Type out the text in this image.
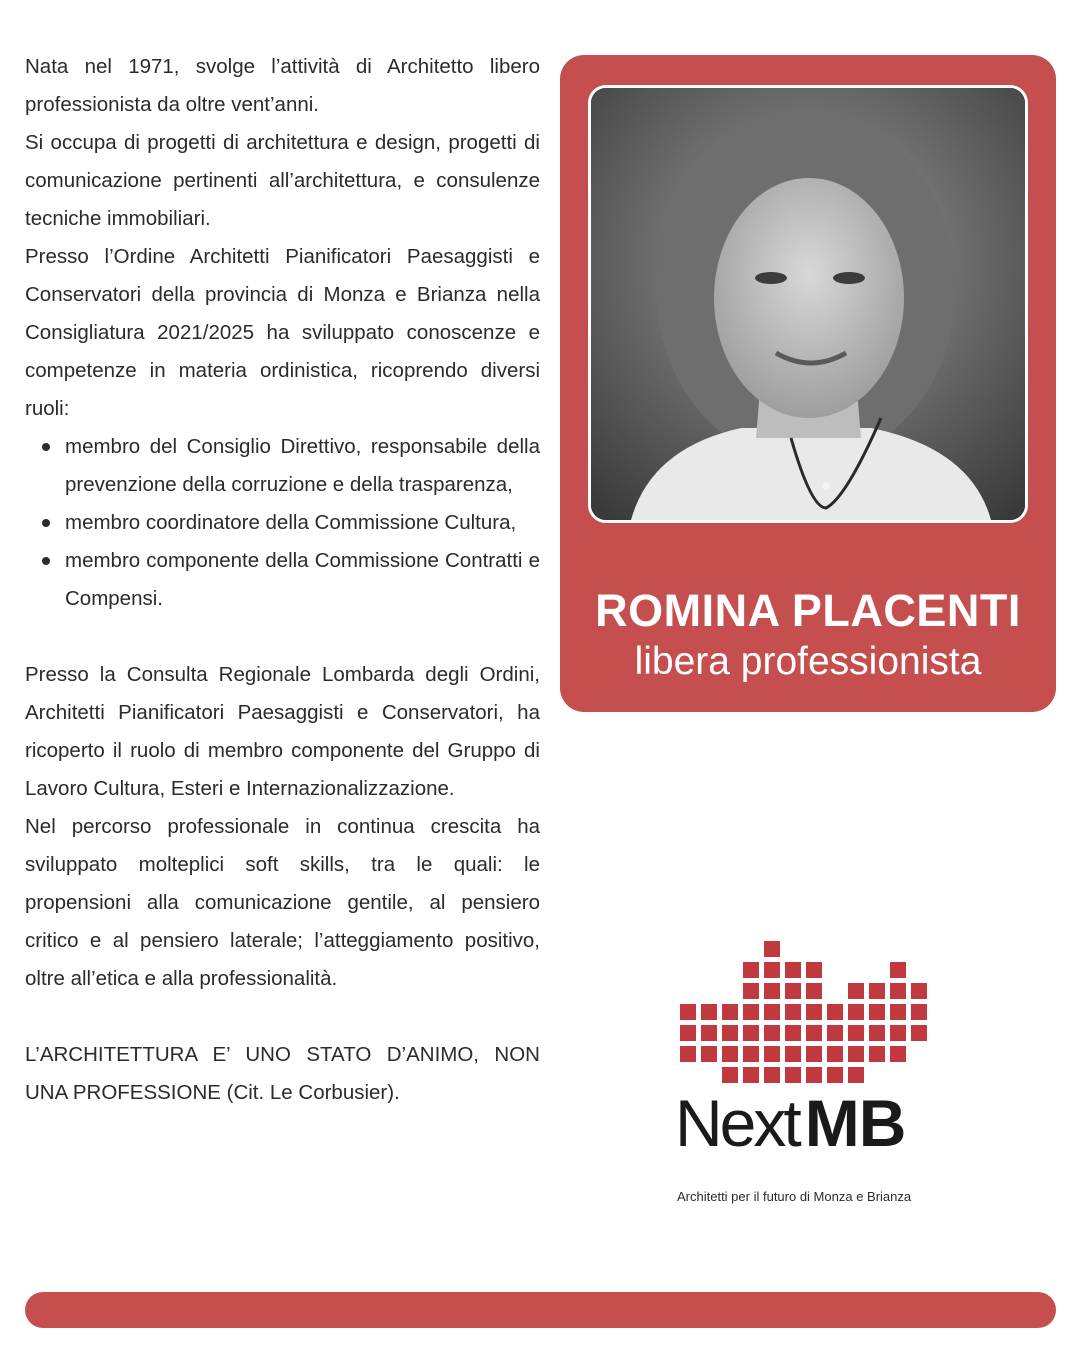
Nata nel 1971, svolge l’attività di Architetto libero professionista da oltre vent’anni.

Si occupa di progetti di architettura e design, progetti di comunicazione pertinenti all’architettura, e consulenze tecniche immobiliari.

Presso l’Ordine Architetti Pianificatori Paesaggisti e Conservatori della provincia di Monza e Brianza nella Consigliatura 2021/2025 ha sviluppato conoscenze e competenze in materia ordinistica, ricoprendo diversi ruoli:

membro del Consiglio Direttivo, responsabile della prevenzione della corruzione e della trasparenza,
membro coordinatore della Commissione Cultura,
membro componente della Commissione Contratti e Compensi.

Presso la Consulta Regionale Lombarda degli Ordini, Architetti Pianificatori Paesaggisti e Conservatori, ha ricoperto il ruolo di membro componente del Gruppo di Lavoro Cultura, Esteri e Internazionalizzazione.

Nel percorso professionale in continua crescita ha sviluppato molteplici soft skills, tra le quali: le propensioni alla comunicazione gentile, al pensiero critico e al pensiero laterale; l’atteggiamento positivo, oltre all’etica e alla professionalità.

L’ARCHITETTURA E’ UNO STATO D’ANIMO, NON UNA PROFESSIONE (Cit. Le Corbusier).

ROMINA PLACENTI
libera professionista
NextMB
Architetti per il futuro di Monza e Brianza
